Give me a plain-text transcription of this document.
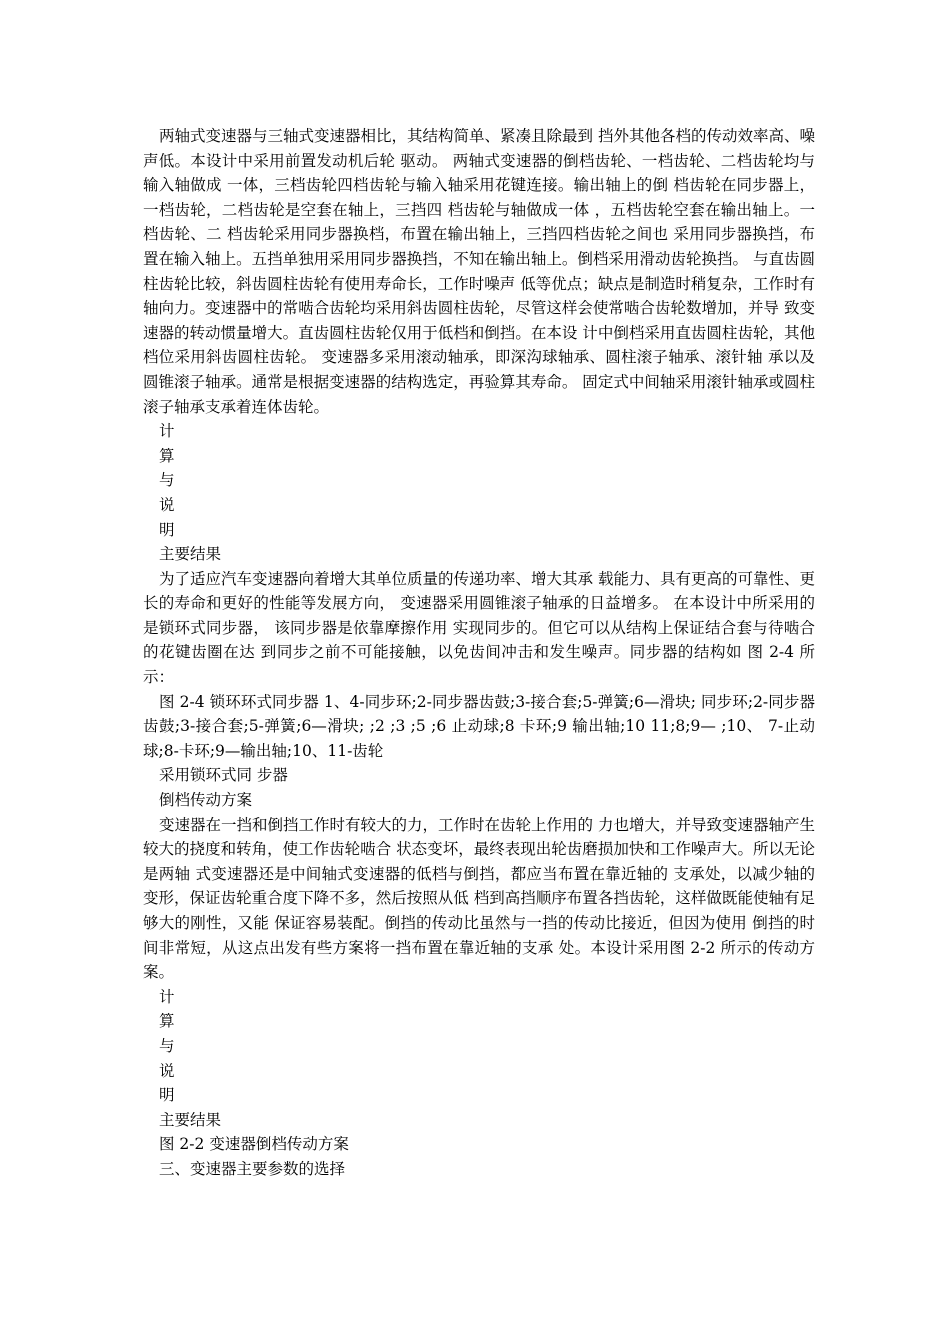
两轴式变速器与三轴式变速器相比，其结构简单、紧凑且除最到 挡外其他各档的传动效率高、噪声低。本设计中采用前置发动机后轮 驱动。 两轴式变速器的倒档齿轮、一档齿轮、二档齿轮均与输入轴做成 一体，三档齿轮四档齿轮与输入轴采用花键连接。输出轴上的倒 档齿轮在同步器上，一档齿轮，二档齿轮是空套在轴上，三挡四 档齿轮与轴做成一体 ，五档齿轮空套在输出轴上。一档齿轮、二 档齿轮采用同步器换档，布置在输出轴上，三挡四档齿轮之间也 采用同步器换挡，布置在输入轴上。五挡单独用采用同步器换挡，不知在输出轴上。倒档采用滑动齿轮换挡。 与直齿圆柱齿轮比较，斜齿圆柱齿轮有使用寿命长，工作时噪声 低等优点；缺点是制造时稍复杂，工作时有轴向力。变速器中的常啮合齿轮均采用斜齿圆柱齿轮，尽管这样会使常啮合齿轮数增加，并导 致变速器的转动惯量增大。直齿圆柱齿轮仅用于低档和倒挡。在本设 计中倒档采用直齿圆柱齿轮，其他档位采用斜齿圆柱齿轮。 变速器多采用滚动轴承，即深沟球轴承、圆柱滚子轴承、滚针轴 承以及圆锥滚子轴承。通常是根据变速器的结构选定，再验算其寿命。 固定式中间轴采用滚针轴承或圆柱滚子轴承支承着连体齿轮。

计

算

与

说

明

主要结果

为了适应汽车变速器向着增大其单位质量的传递功率、增大其承 载能力、具有更高的可靠性、更长的寿命和更好的性能等发展方向， 变速器采用圆锥滚子轴承的日益增多。 在本设计中所采用的是锁环式同步器， 该同步器是依靠摩擦作用 实现同步的。但它可以从结构上保证结合套与待啮合的花键齿圈在达 到同步之前不可能接触，以免齿间冲击和发生噪声。同步器的结构如 图 2-4 所示：

图 2-4 锁环环式同步器 1、4-同步环;2-同步器齿鼓;3-接合套;5-弹簧;6—滑块; 同步环;2-同步器齿鼓;3-接合套;5-弹簧;6—滑块; ;2 ;3 ;5 ;6 止动球;8 卡环;9 输出轴;10 11;8;9— ;10、 7-止动球;8-卡环;9—输出轴;10、11-齿轮

采用锁环式同 步器

倒档传动方案

变速器在一挡和倒挡工作时有较大的力，工作时在齿轮上作用的 力也增大，并导致变速器轴产生较大的挠度和转角，使工作齿轮啮合 状态变坏，最终表现出轮齿磨损加快和工作噪声大。所以无论是两轴 式变速器还是中间轴式变速器的低档与倒挡，都应当布置在靠近轴的 支承处，以减少轴的变形，保证齿轮重合度下降不多，然后按照从低 档到高挡顺序布置各挡齿轮，这样做既能使轴有足够大的刚性，又能 保证容易装配。倒挡的传动比虽然与一挡的传动比接近，但因为使用 倒挡的时间非常短，从这点出发有些方案将一挡布置在靠近轴的支承 处。本设计采用图 2-2 所示的传动方案。

计

算

与

说

明

主要结果

图 2-2 变速器倒档传动方案

三、变速器主要参数的选择
